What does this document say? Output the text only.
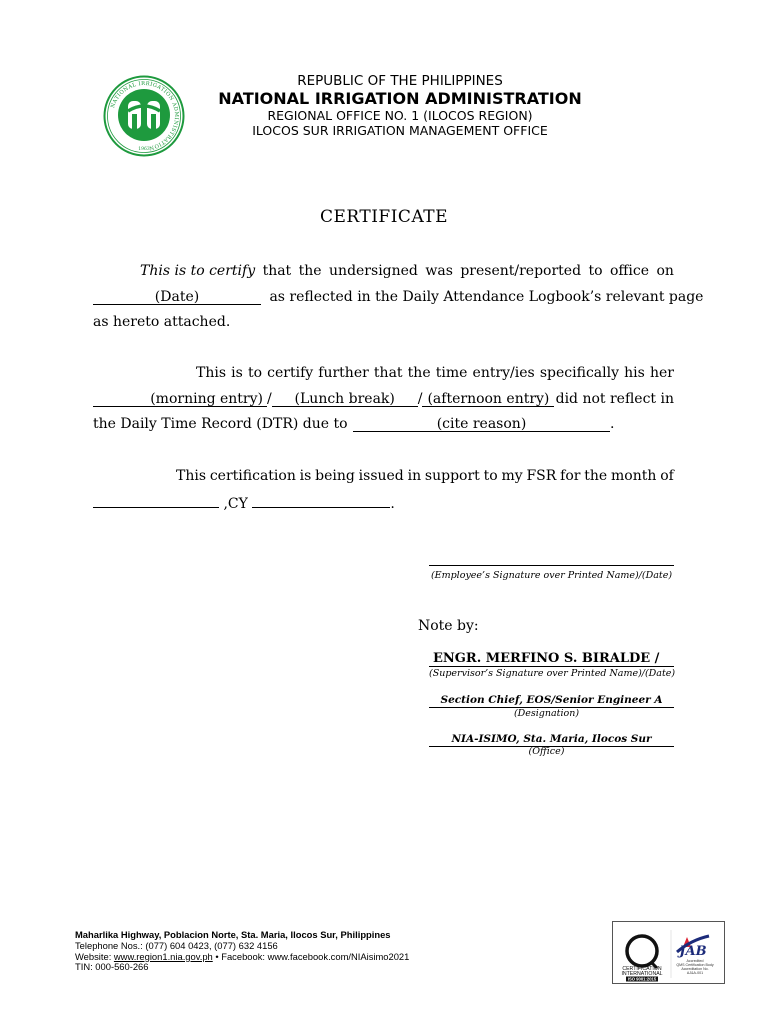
NATIONAL IRRIGATION ADMINISTRATION
1963
REPUBLIC OF THE PHILIPPINES
NATIONAL IRRIGATION ADMINISTRATION
REGIONAL OFFICE NO. 1 (ILOCOS REGION)
ILOCOS SUR IRRIGATION MANAGEMENT OFFICE
CERTIFICATE
This is to certify that the undersigned was present/reported to office on
(Date)	as reflected in the Daily Attendance Logbook’s relevant page
as hereto attached.
This is to certify further that the time entry/ies specifically his her
(morning entry) / (Lunch break) / (afternoon entry) did not reflect in
the Daily Time Record (DTR) due to	(cite reason)	.
This certification is being issued in support to my FSR for the month of
,CY	.
(Employee’s Signature over Printed Name)/(Date)
Note by:
ENGR. MERFINO S. BIRALDE /
(Supervisor’s Signature over Printed Name)/(Date)
Section Chief, EOS/Senior Engineer A
(Designation)
NIA-ISIMO, Sta. Maria, Ilocos Sur
(Office)
Maharlika Highway, Poblacion Norte, Sta. Maria, Ilocos Sur, Philippines
Telephone Nos.: (077) 604 0423, (077) 632 4156
Website: www.region1.nia.gov.ph • Facebook: www.facebook.com/NIAisimo2021
TIN: 000-560-266	CERTIFICATION
INTERNATIONAL
ISO 9001:2015
JAB
Accredited
QMS Certification Body
Accreditation No.
AJ&A-001
